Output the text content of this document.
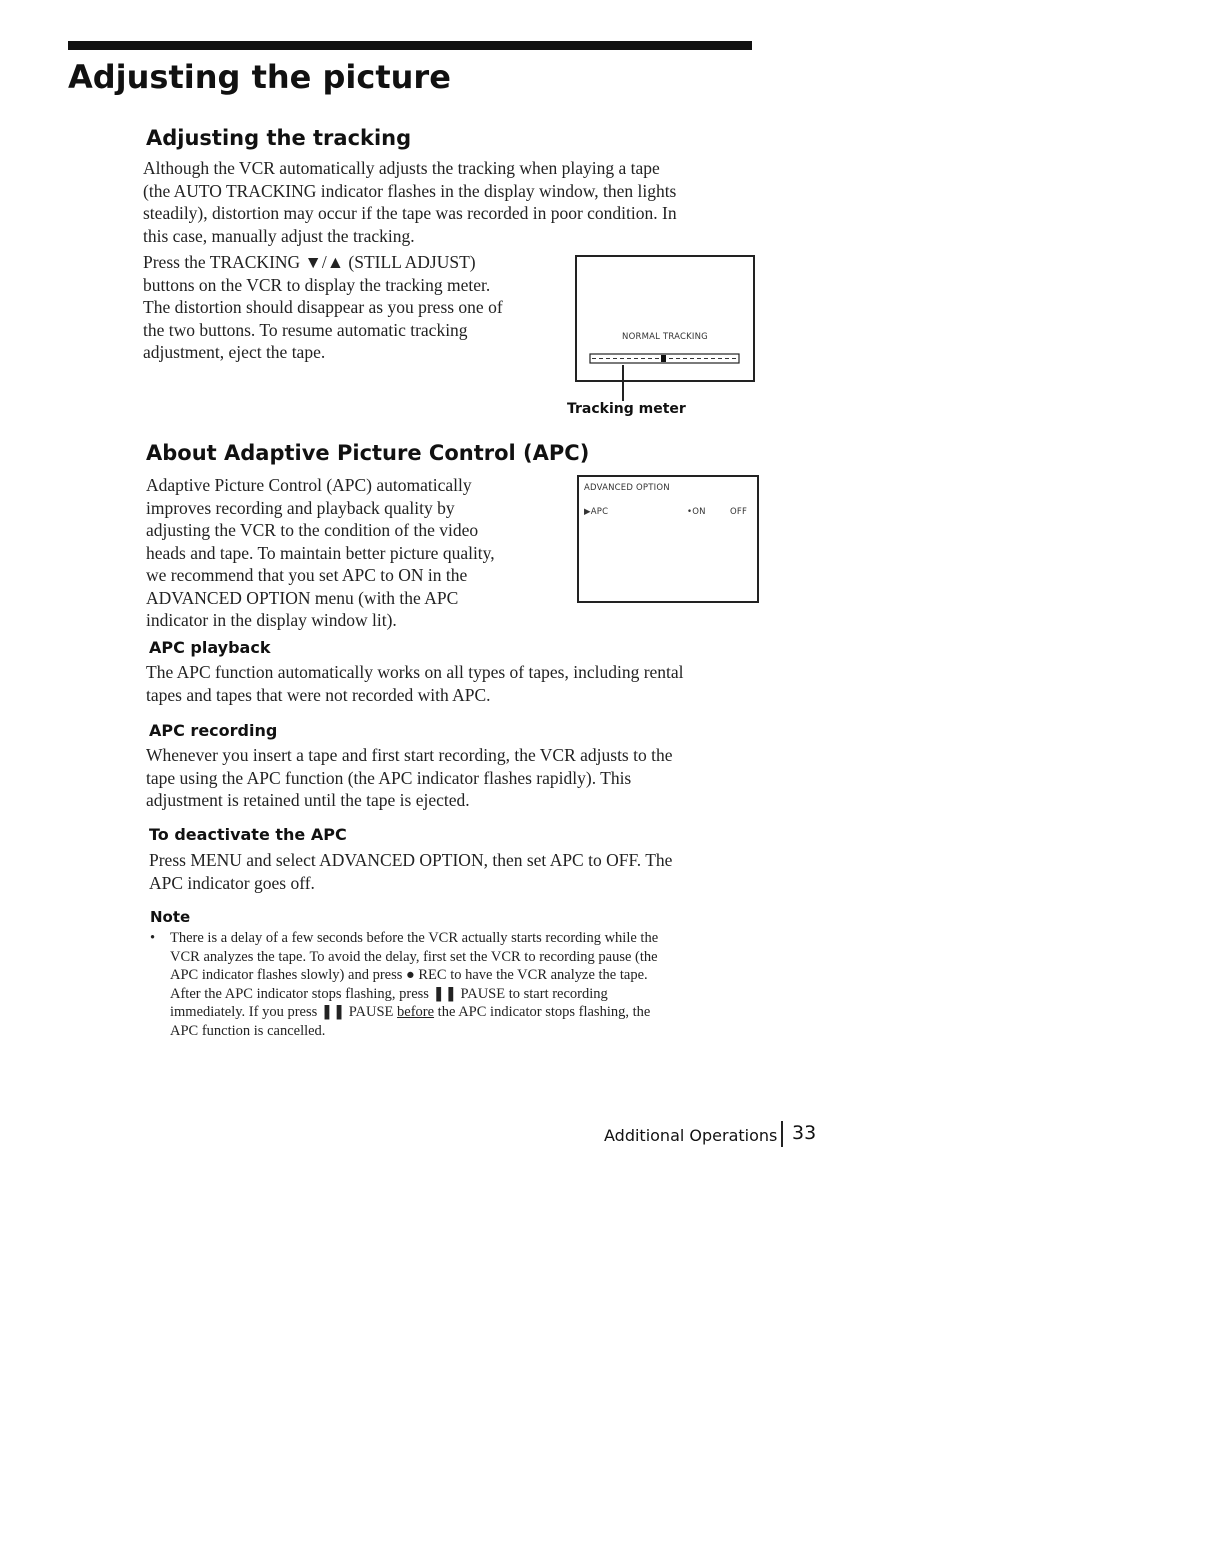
Adjusting the picture
Adjusting the tracking
Although the VCR automatically adjusts the tracking when playing a tape
(the AUTO TRACKING indicator flashes in the display window, then lights
steadily), distortion may occur if the tape was recorded in poor condition. In
this case, manually adjust the tracking.
Press the TRACKING ▼/▲ (STILL ADJUST)
buttons on the VCR to display the tracking meter.
The distortion should disappear as you press one of
the two buttons. To resume automatic tracking
adjustment, eject the tape.
NORMAL TRACKING
Tracking meter
About Adaptive Picture Control (APC)
Adaptive Picture Control (APC) automatically
improves recording and playback quality by
adjusting the VCR to the condition of the video
heads and tape. To maintain better picture quality,
we recommend that you set APC to ON in the
ADVANCED OPTION menu (with the APC
indicator in the display window lit).
ADVANCED OPTION
▶APC	•ON	OFF
APC playback
The APC function automatically works on all types of tapes, including rental
tapes and tapes that were not recorded with APC.
APC recording
Whenever you insert a tape and first start recording, the VCR adjusts to the
tape using the APC function (the APC indicator flashes rapidly). This
adjustment is retained until the tape is ejected.
To deactivate the APC
Press MENU and select ADVANCED OPTION, then set APC to OFF. The
APC indicator goes off.
Note
•	There is a delay of a few seconds before the VCR actually starts recording while the
VCR analyzes the tape. To avoid the delay, first set the VCR to recording pause (the
APC indicator flashes slowly) and press ● REC to have the VCR analyze the tape.
After the APC indicator stops flashing, press ❚❚ PAUSE to start recording
immediately. If you press ❚❚ PAUSE before the APC indicator stops flashing, the
APC function is cancelled.
Additional Operations 33
